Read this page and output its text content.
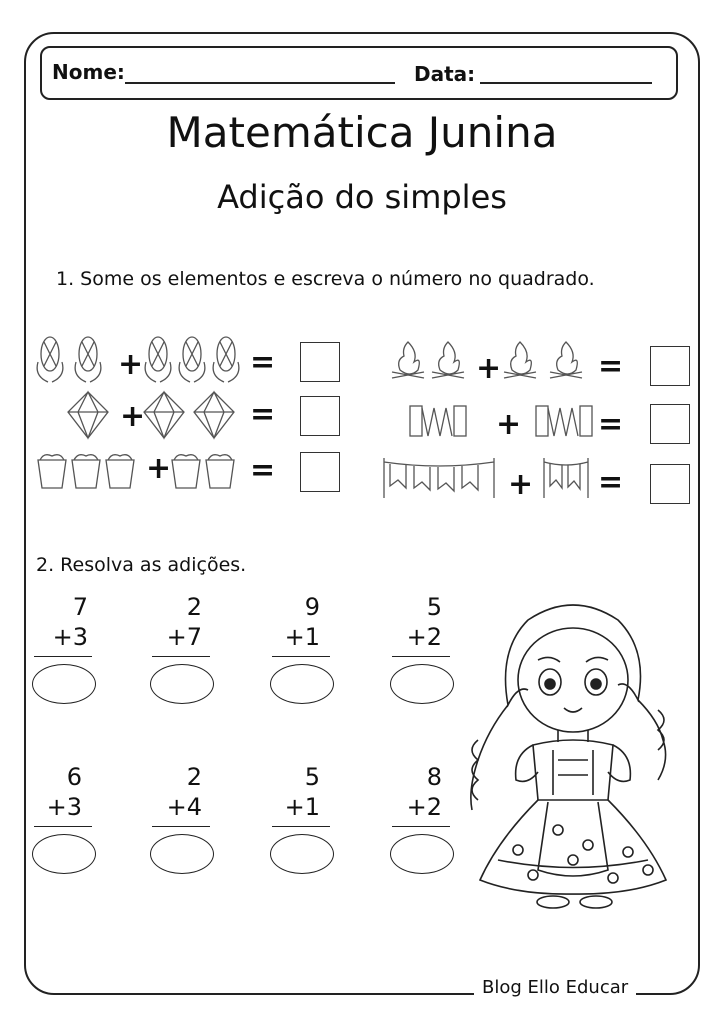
Nome:	Data:
Matemática Junina
Adição do simples
1. Some os elementos e escreva o número no quadrado.
+	=
+	=
+	=
+	=
+	=
+ =
2. Resolva as adições.
7
+3
2
+7
9
+1
5
+2
6
+3
2
+4
5
+1
8
+2
Blog Ello Educar
